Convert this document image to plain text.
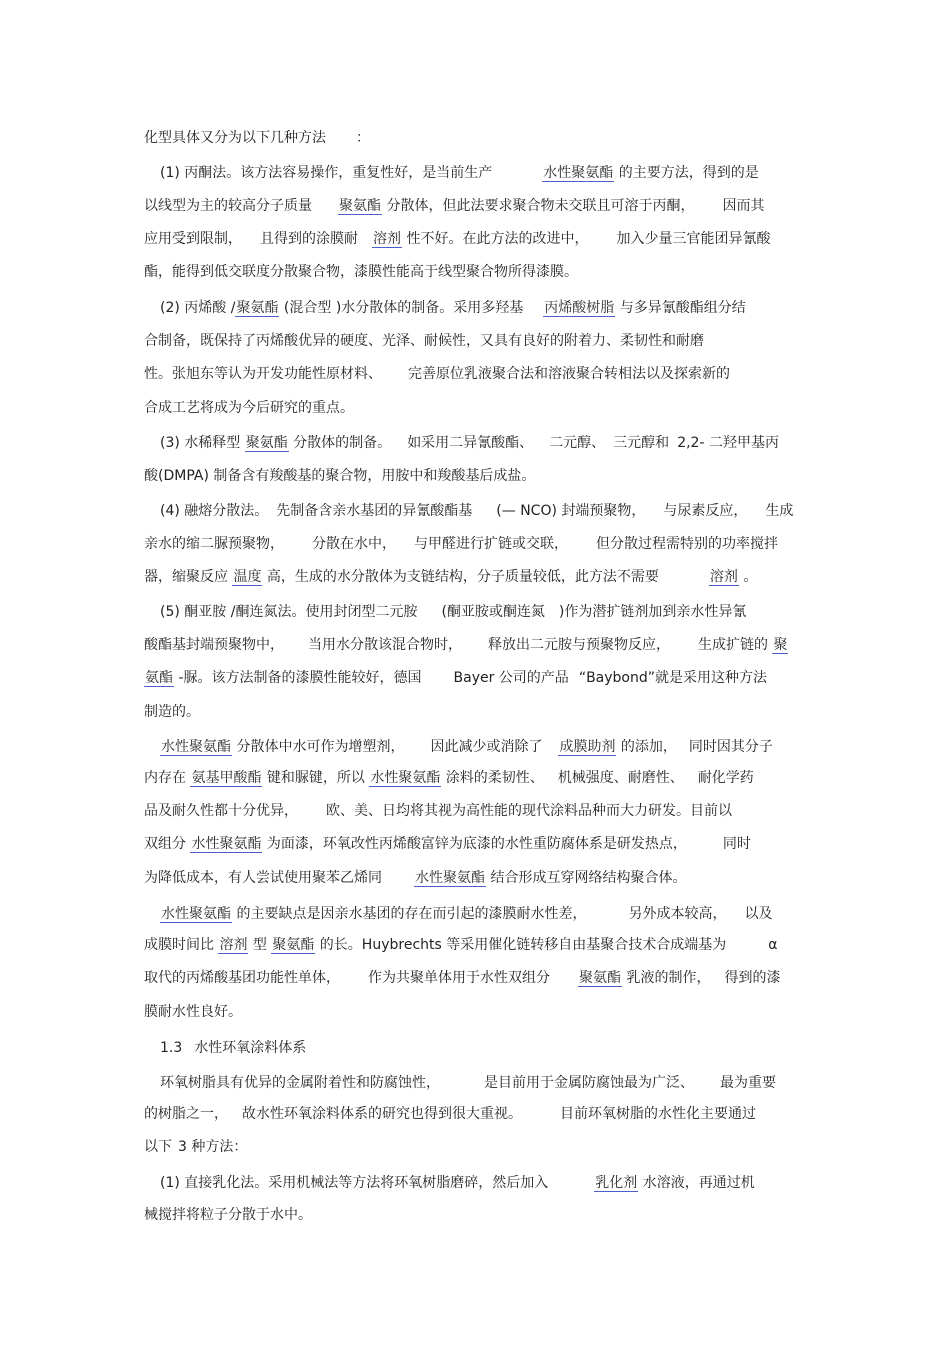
化型具体又分为以下几种方法 ：
(1) 丙酮法。该方法容易操作，重复性好，是当前生产	水性聚氨酯 的主要方法，得到的是
以线型为主的较高分子质量 聚氨酯 分散体，但此法要求聚合物未交联且可溶于丙酮， 因而其
应用受到限制， 且得到的涂膜耐 溶剂 性不好。在此方法的改进中， 加入少量三官能团异氰酸
酯，能得到低交联度分散聚合物，漆膜性能高于线型聚合物所得漆膜。
(2) 丙烯酸 /聚氨酯 (混合型 )水分散体的制备。采用多羟基 丙烯酸树脂 与多异氰酸酯组分结
合制备，既保持了丙烯酸优异的硬度、光泽、耐候性，又具有良好的附着力、柔韧性和耐磨
性。张旭东等认为开发功能性原材料、 完善原位乳液聚合法和溶液聚合转相法以及探索新的
合成工艺将成为今后研究的重点。
(3) 水稀释型 聚氨酯 分散体的制备。 如采用二异氰酸酯、 二元醇、 三元醇和 2,2- 二羟甲基丙
酸(DMPA) 制备含有羧酸基的聚合物，用胺中和羧酸基后成盐。
(4) 融熔分散法。 先制备含亲水基团的异氰酸酯基 (— NCO) 封端预聚物， 与尿素反应， 生成
亲水的缩二脲预聚物， 分散在水中， 与甲醛进行扩链或交联， 但分散过程需特别的功率搅拌
器，缩聚反应 温度 高，生成的水分散体为支链结构，分子质量较低，此方法不需要	溶剂 。
(5) 酮亚胺 /酮连氮法。使用封闭型二元胺 (酮亚胺或酮连氮 )作为潜扩链剂加到亲水性异氰
酸酯基封端预聚物中， 当用水分散该混合物时， 释放出二元胺与预聚物反应， 生成扩链的 聚
氨酯 -脲。该方法制备的漆膜性能较好，德国 Bayer 公司的产品 “Baybond”就是采用这种方法
制造的。
水性聚氨酯 分散体中水可作为增塑剂， 因此减少或消除了 成膜助剂 的添加， 同时因其分子
内存在 氨基甲酸酯 键和脲键，所以 水性聚氨酯 涂料的柔韧性、 机械强度、耐磨性、 耐化学药
品及耐久性都十分优异， 欧、美、日均将其视为高性能的现代涂料品种而大力研发。目前以
双组分 水性聚氨酯 为面漆，环氧改性丙烯酸富锌为底漆的水性重防腐体系是研发热点，	同时
为降低成本，有人尝试使用聚苯乙烯同 水性聚氨酯 结合形成互穿网络结构聚合体。
水性聚氨酯 的主要缺点是因亲水基团的存在而引起的漆膜耐水性差，	另外成本较高， 以及
成膜时间比 溶剂 型 聚氨酯 的长。Huybrechts 等采用催化链转移自由基聚合技术合成端基为	α
取代的丙烯酸基团功能性单体， 作为共聚单体用于水性双组分 聚氨酯 乳液的制作， 得到的漆
膜耐水性良好。
1.3 水性环氧涂料体系
环氧树脂具有优异的金属附着性和防腐蚀性，	是目前用于金属防腐蚀最为广泛、 最为重要
的树脂之一， 故水性环氧涂料体系的研究也得到很大重视。	目前环氧树脂的水性化主要通过
以下 3 种方法：
(1) 直接乳化法。采用机械法等方法将环氧树脂磨碎，然后加入	乳化剂 水溶液，再通过机
械搅拌将粒子分散于水中。
